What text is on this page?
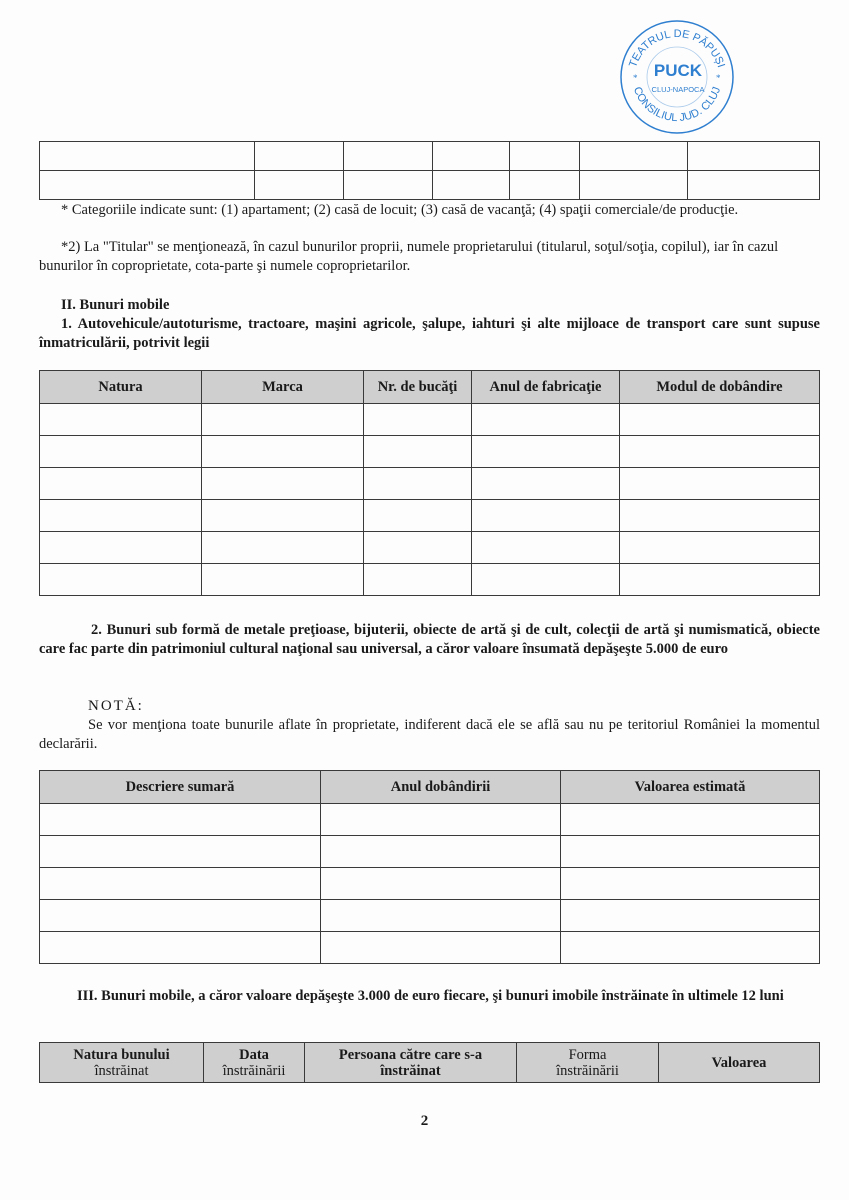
TEATRUL DE PĂPUȘI
CONSILIUL JUD. CLUJ
PUCK
CLUJ-NAPOCA
*	*

* Categoriile indicate sunt: (1) apartament; (2) casă de locuit; (3) casă de vacanţă; (4) spaţii comerciale/de producţie.
*2) La "Titular" se menţionează, în cazul bunurilor proprii, numele proprietarului (titularul, soţul/soţia, copilul), iar în cazul bunurilor în coproprietate, cota-parte şi numele coproprietarilor.
II. Bunuri mobile
1. Autovehicule/autoturisme, tractoare, maşini agricole, şalupe, iahturi şi alte mijloace de transport care sunt supuse înmatriculării, potrivit legii
Natura	Marca	Nr. de bucăţi	Anul de fabricaţie	Modul de dobândire

2. Bunuri sub formă de metale preţioase, bijuterii, obiecte de artă şi de cult, colecţii de artă şi numismatică, obiecte care fac parte din patrimoniul cultural naţional sau universal, a căror valoare însumată depăşeşte 5.000 de euro
NOTĂ:
Se vor menţiona toate bunurile aflate în proprietate, indiferent dacă ele se află sau nu pe teritoriul României la momentul declarării.
Descriere sumară	Anul dobândirii	Valoarea estimată

III. Bunuri mobile, a căror valoare depăşeşte 3.000 de euro fiecare, şi bunuri imobile înstrăinate în ultimele 12 luni
Natura bunului
înstrăinat

Data
înstrăinării

Persoana către care s-a
înstrăinat

Forma
înstrăinării	Valoarea
2
